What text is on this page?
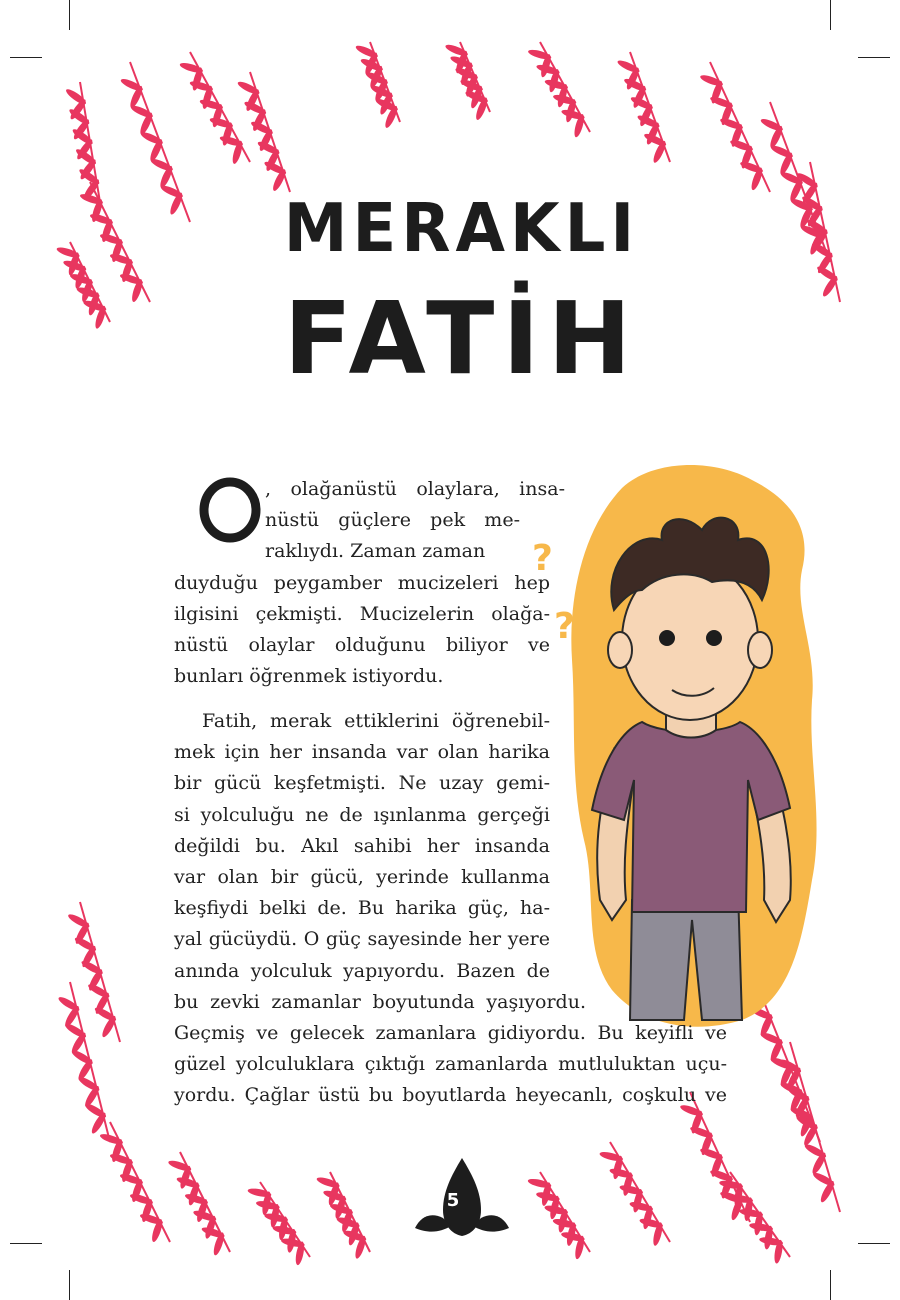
MERAKLI
FATİH
?
?
?
, olağanüstü olaylara, insa-
nüstü güçlere pek me-
raklıydı. Zaman zaman
duyduğu peygamber mucizeleri hep
ilgisini çekmişti. Mucizelerin olağa-
nüstü olaylar olduğunu biliyor ve
bunları öğrenmek istiyordu.
Fatih, merak ettiklerini öğrenebil-
mek için her insanda var olan harika
bir gücü keşfetmişti. Ne uzay gemi-
si yolculuğu ne de ışınlanma gerçeği
değildi bu. Akıl sahibi her insanda
var olan bir gücü, yerinde kullanma
keşfiydi belki de. Bu harika güç, ha-
yal gücüydü. O güç sayesinde her yere
anında yolculuk yapıyordu. Bazen de
bu zevki zamanlar boyutunda yaşıyordu.
Geçmiş ve gelecek zamanlara gidiyordu. Bu keyifli ve
güzel yolculuklara çıktığı zamanlarda mutluluktan uçu-
yordu. Çağlar üstü bu boyutlarda heyecanlı, coşkulu ve
5
